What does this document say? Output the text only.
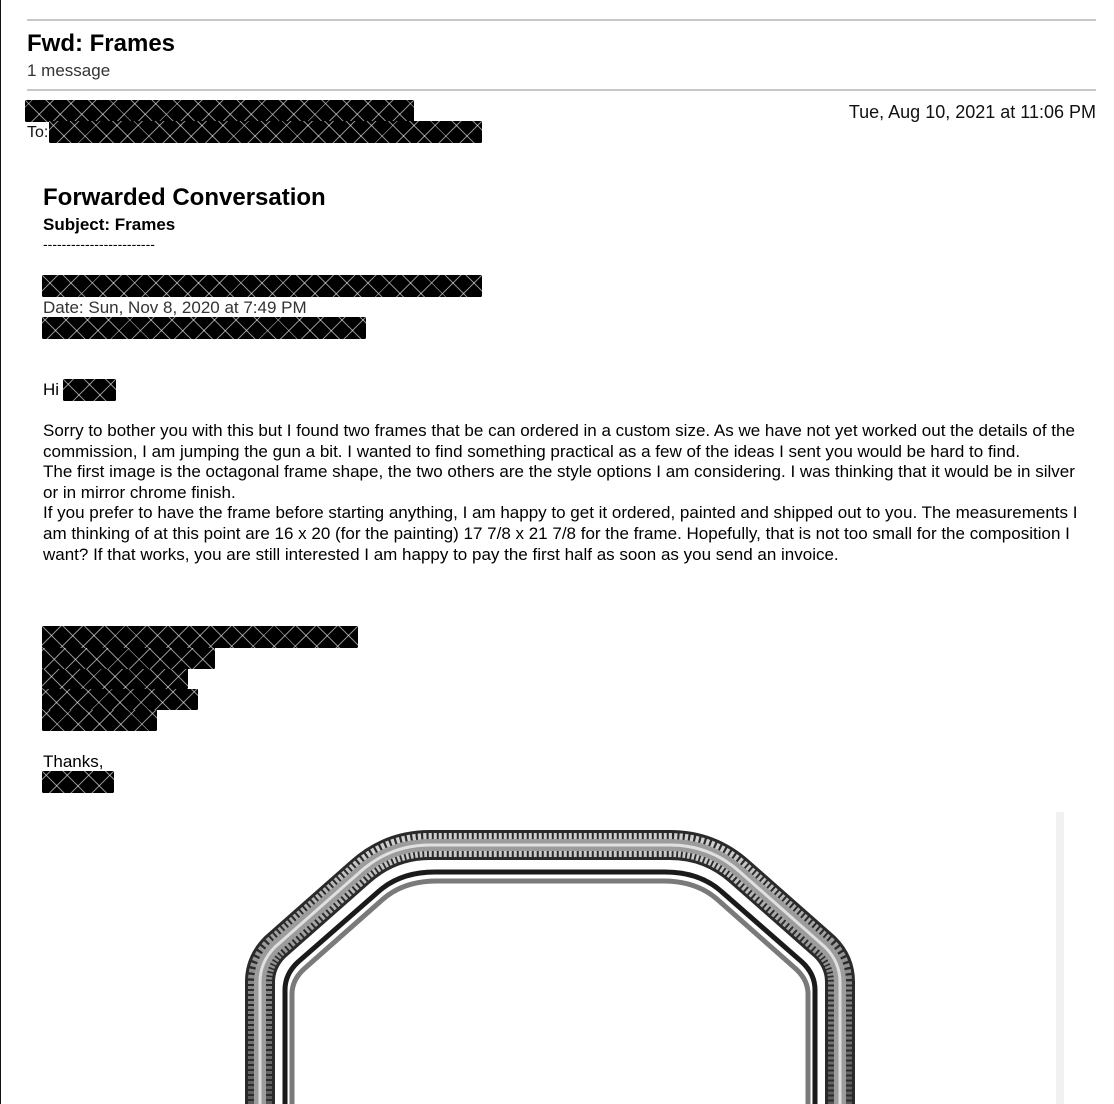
Fwd: Frames
1 message
Tue, Aug 10, 2021 at 11:06 PM
To:
Forwarded Conversation
Subject: Frames
------------------------
Date: Sun, Nov 8, 2020 at 7:49 PM
Hi

Sorry to bother you with this but I found two frames that be can ordered in a custom size. As we have not yet worked out the details of the commission, I am jumping the gun a bit. I wanted to find something practical as a few of the ideas I sent you would be hard to find.

The first image is the octagonal frame shape, the two others are the style options I am considering. I was thinking that it would be in silver or in mirror chrome finish.

If you prefer to have the frame before starting anything, I am happy to get it ordered, painted and shipped out to you. The measurements I am thinking of at this point are 16 x 20 (for the painting) 17 7/8 x 21 7/8 for the frame. Hopefully, that is not too small for the composition I want? If that works, you are still interested I am happy to pay the first half as soon as you send an invoice.

Thanks,
